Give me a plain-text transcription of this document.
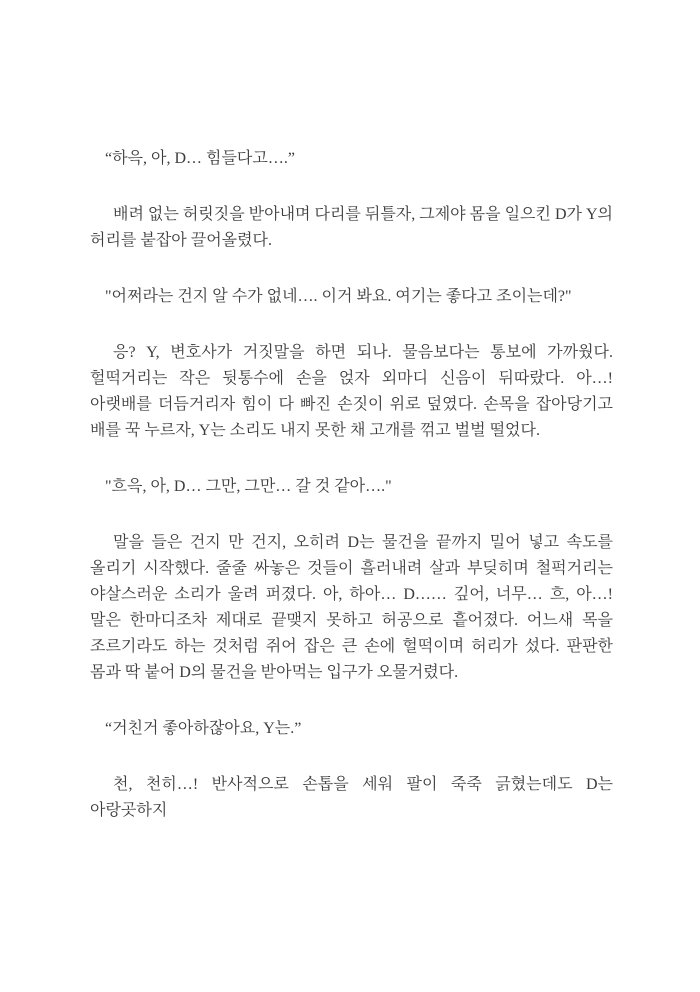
“하윽, 아, D… 힘들다고….”

배려 없는 허릿짓을 받아내며 다리를 뒤틀자, 그제야 몸을 일으킨 D가 Y의 허리를 붙잡아 끌어올렸다.

"어쩌라는 건지 알 수가 없네…. 이거 봐요. 여기는 좋다고 조이는데?"

응? Y, 변호사가 거짓말을 하면 되나. 물음보다는 통보에 가까웠다. 헐떡거리는 작은 뒷통수에 손을 얹자 외마디 신음이 뒤따랐다. 아…! 아랫배를 더듬거리자 힘이 다 빠진 손짓이 위로 덮였다. 손목을 잡아당기고 배를 꾹 누르자, Y는 소리도 내지 못한 채 고개를 꺾고 벌벌 떨었다.

"흐윽, 아, D… 그만, 그만… 갈 것 같아…."

말을 들은 건지 만 건지, 오히려 D는 물건을 끝까지 밀어 넣고 속도를 올리기 시작했다. 줄줄 싸놓은 것들이 흘러내려 살과 부딪히며 철퍽거리는 야살스러운 소리가 울려 퍼졌다. 아, 하아… D…… 깊어, 너무… 흐, 아…! 말은 한마디조차 제대로 끝맺지 못하고 허공으로 흩어졌다. 어느새 목을 조르기라도 하는 것처럼 쥐어 잡은 큰 손에 헐떡이며 허리가 섰다. 판판한 몸과 딱 붙어 D의 물건을 받아먹는 입구가 오물거렸다.

“거친거 좋아하잖아요, Y는.”

천, 천히…! 반사적으로 손톱을 세워 팔이 죽죽 긁혔는데도 D는 아랑곳하지
